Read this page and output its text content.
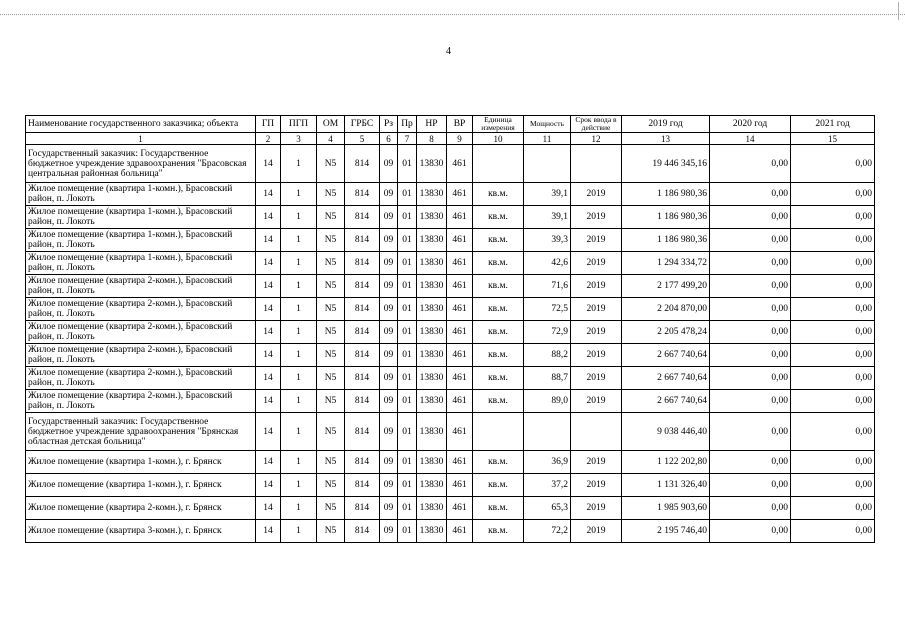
4
Наименование государственного заказчика; объекта	ГП	ПГП	ОМ	ГРБС	Рз	Пр	НР	ВР	Единица измерения	Мощность	Срок ввода в действие	2019 год	2020 год	2021 год
1	2	3	4	5	6	7	8	9	10	11	12	13	14	15
Государственный заказчик: Государственное бюджетное учреждение здравоохранения "Брасовская центральная районная больница"	14	1	N5	814	09	01	13830	461				19 446 345,16	0,00	0,00
Жилое помещение (квартира 1-комн.), Брасовский район, п. Локоть	14	1	N5	814	09	01	13830	461	кв.м.	39,1	2019	1 186 980,36	0,00	0,00
Жилое помещение (квартира 1-комн.), Брасовский район, п. Локоть	14	1	N5	814	09	01	13830	461	кв.м.	39,1	2019	1 186 980,36	0,00	0,00
Жилое помещение (квартира 1-комн.), Брасовский район, п. Локоть	14	1	N5	814	09	01	13830	461	кв.м.	39,3	2019	1 186 980,36	0,00	0,00
Жилое помещение (квартира 1-комн.), Брасовский район, п. Локоть	14	1	N5	814	09	01	13830	461	кв.м.	42,6	2019	1 294 334,72	0,00	0,00
Жилое помещение (квартира 2-комн.), Брасовский район, п. Локоть	14	1	N5	814	09	01	13830	461	кв.м.	71,6	2019	2 177 499,20	0,00	0,00
Жилое помещение (квартира 2-комн.), Брасовский район, п. Локоть	14	1	N5	814	09	01	13830	461	кв.м.	72,5	2019	2 204 870,00	0,00	0,00
Жилое помещение (квартира 2-комн.), Брасовский район, п. Локоть	14	1	N5	814	09	01	13830	461	кв.м.	72,9	2019	2 205 478,24	0,00	0,00
Жилое помещение (квартира 2-комн.), Брасовский район, п. Локоть	14	1	N5	814	09	01	13830	461	кв.м.	88,2	2019	2 667 740,64	0,00	0,00
Жилое помещение (квартира 2-комн.), Брасовский район, п. Локоть	14	1	N5	814	09	01	13830	461	кв.м.	88,7	2019	2 667 740,64	0,00	0,00
Жилое помещение (квартира 2-комн.), Брасовский район, п. Локоть	14	1	N5	814	09	01	13830	461	кв.м.	89,0	2019	2 667 740,64	0,00	0,00
Государственный заказчик: Государственное бюджетное учреждение здравоохранения "Брянская областная детская больница"	14	1	N5	814	09	01	13830	461				9 038 446,40	0,00	0,00
Жилое помещение (квартира 1-комн.), г. Брянск	14	1	N5	814	09	01	13830	461	кв.м.	36,9	2019	1 122 202,80	0,00	0,00
Жилое помещение (квартира 1-комн.), г. Брянск	14	1	N5	814	09	01	13830	461	кв.м.	37,2	2019	1 131 326,40	0,00	0,00
Жилое помещение (квартира 2-комн.), г. Брянск	14	1	N5	814	09	01	13830	461	кв.м.	65,3	2019	1 985 903,60	0,00	0,00
Жилое помещение (квартира 3-комн.), г. Брянск	14	1	N5	814	09	01	13830	461	кв.м.	72,2	2019	2 195 746,40	0,00	0,00
